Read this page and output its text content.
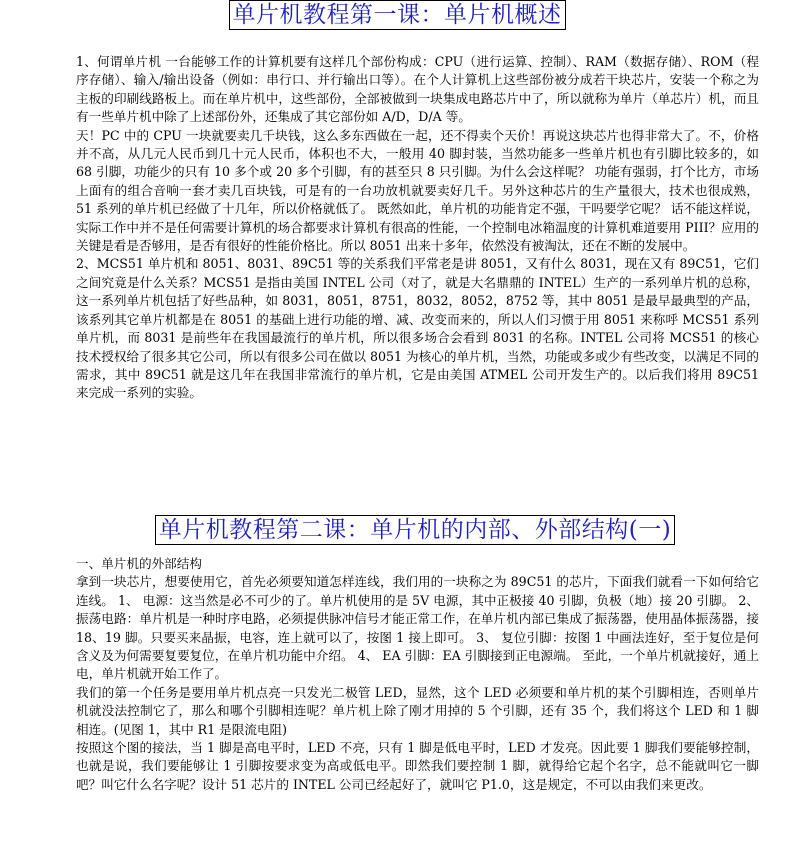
单片机教程第一课：单片机概述

1、何谓单片机 一台能够工作的计算机要有这样几个部份构成：CPU（进行运算、控制）、RAM（数据存储）、ROM（程序存储）、输入/输出设备（例如：串行口、并行输出口等）。在个人计算机上这些部份被分成若干块芯片，安装一个称之为主板的印刷线路板上。而在单片机中，这些部份，全部被做到一块集成电路芯片中了，所以就称为单片（单芯片）机，而且有一些单片机中除了上述部份外，还集成了其它部份如 A/D，D/A 等。

天！PC 中的 CPU 一块就要卖几千块钱，这么多东西做在一起，还不得卖个天价！再说这块芯片也得非常大了。不，价格并不高，从几元人民币到几十元人民币，体积也不大，一般用 40 脚封装，当然功能多一些单片机也有引脚比较多的，如 68 引脚，功能少的只有 10 多个或 20 多个引脚，有的甚至只 8 只引脚。为什么会这样呢？ 功能有强弱，打个比方，市场上面有的组合音响一套才卖几百块钱，可是有的一台功放机就要卖好几千。另外这种芯片的生产量很大，技术也很成熟，51 系列的单片机已经做了十几年，所以价格就低了。 既然如此，单片机的功能肯定不强，干吗要学它呢？ 话不能这样说，实际工作中并不是任何需要计算机的场合都要求计算机有很高的性能，一个控制电冰箱温度的计算机难道要用 PIII？应用的关键是看是否够用，是否有很好的性能价格比。所以 8051 出来十多年，依然没有被淘汰，还在不断的发展中。

2、MCS51 单片机和 8051、8031、89C51 等的关系我们平常老是讲 8051，又有什么 8031，现在又有 89C51，它们之间究竟是什么关系？MCS51 是指由美国 INTEL 公司（对了，就是大名鼎鼎的 INTEL）生产的一系列单片机的总称，这一系列单片机包括了好些品种，如 8031，8051，8751，8032，8052，8752 等，其中 8051 是最早最典型的产品，该系列其它单片机都是在 8051 的基础上进行功能的增、减、改变而来的，所以人们习惯于用 8051 来称呼 MCS51 系列单片机，而 8031 是前些年在我国最流行的单片机，所以很多场合会看到 8031 的名称。INTEL 公司将 MCS51 的核心技术授权给了很多其它公司，所以有很多公司在做以 8051 为核心的单片机，当然，功能或多或少有些改变，以满足不同的需求，其中 89C51 就是这几年在我国非常流行的单片机，它是由美国 ATMEL 公司开发生产的。以后我们将用 89C51 来完成一系列的实验。

单片机教程第二课：单片机的内部、外部结构(一)

一、单片机的外部结构

拿到一块芯片，想要使用它，首先必须要知道怎样连线，我们用的一块称之为 89C51 的芯片，下面我们就看一下如何给它连线。 1、 电源：这当然是必不可少的了。单片机使用的是 5V 电源，其中正极接 40 引脚，负极（地）接 20 引脚。 2、 振荡电路：单片机是一种时序电路，必须提供脉冲信号才能正常工作，在单片机内部已集成了振荡器，使用晶体振荡器，接 18、19 脚。只要买来晶振，电容，连上就可以了，按图 1 接上即可。 3、 复位引脚：按图 1 中画法连好，至于复位是何含义及为何需要复要复位，在单片机功能中介绍。 4、 EA 引脚：EA 引脚接到正电源端。 至此，一个单片机就接好，通上电，单片机就开始工作了。

我们的第一个任务是要用单片机点亮一只发光二极管 LED，显然，这个 LED 必须要和单片机的某个引脚相连，否则单片机就没法控制它了，那么和哪个引脚相连呢？单片机上除了刚才用掉的 5 个引脚，还有 35 个，我们将这个 LED 和 1 脚相连。(见图 1，其中 R1 是限流电阻)

按照这个图的接法，当 1 脚是高电平时，LED 不亮，只有 1 脚是低电平时，LED 才发亮。因此要 1 脚我们要能够控制，也就是说，我们要能够让 1 引脚按要求变为高或低电平。即然我们要控制 1 脚，就得给它起个名字，总不能就叫它一脚吧？叫它什么名字呢？设计 51 芯片的 INTEL 公司已经起好了，就叫它 P1.0，这是规定，不可以由我们来更改。
